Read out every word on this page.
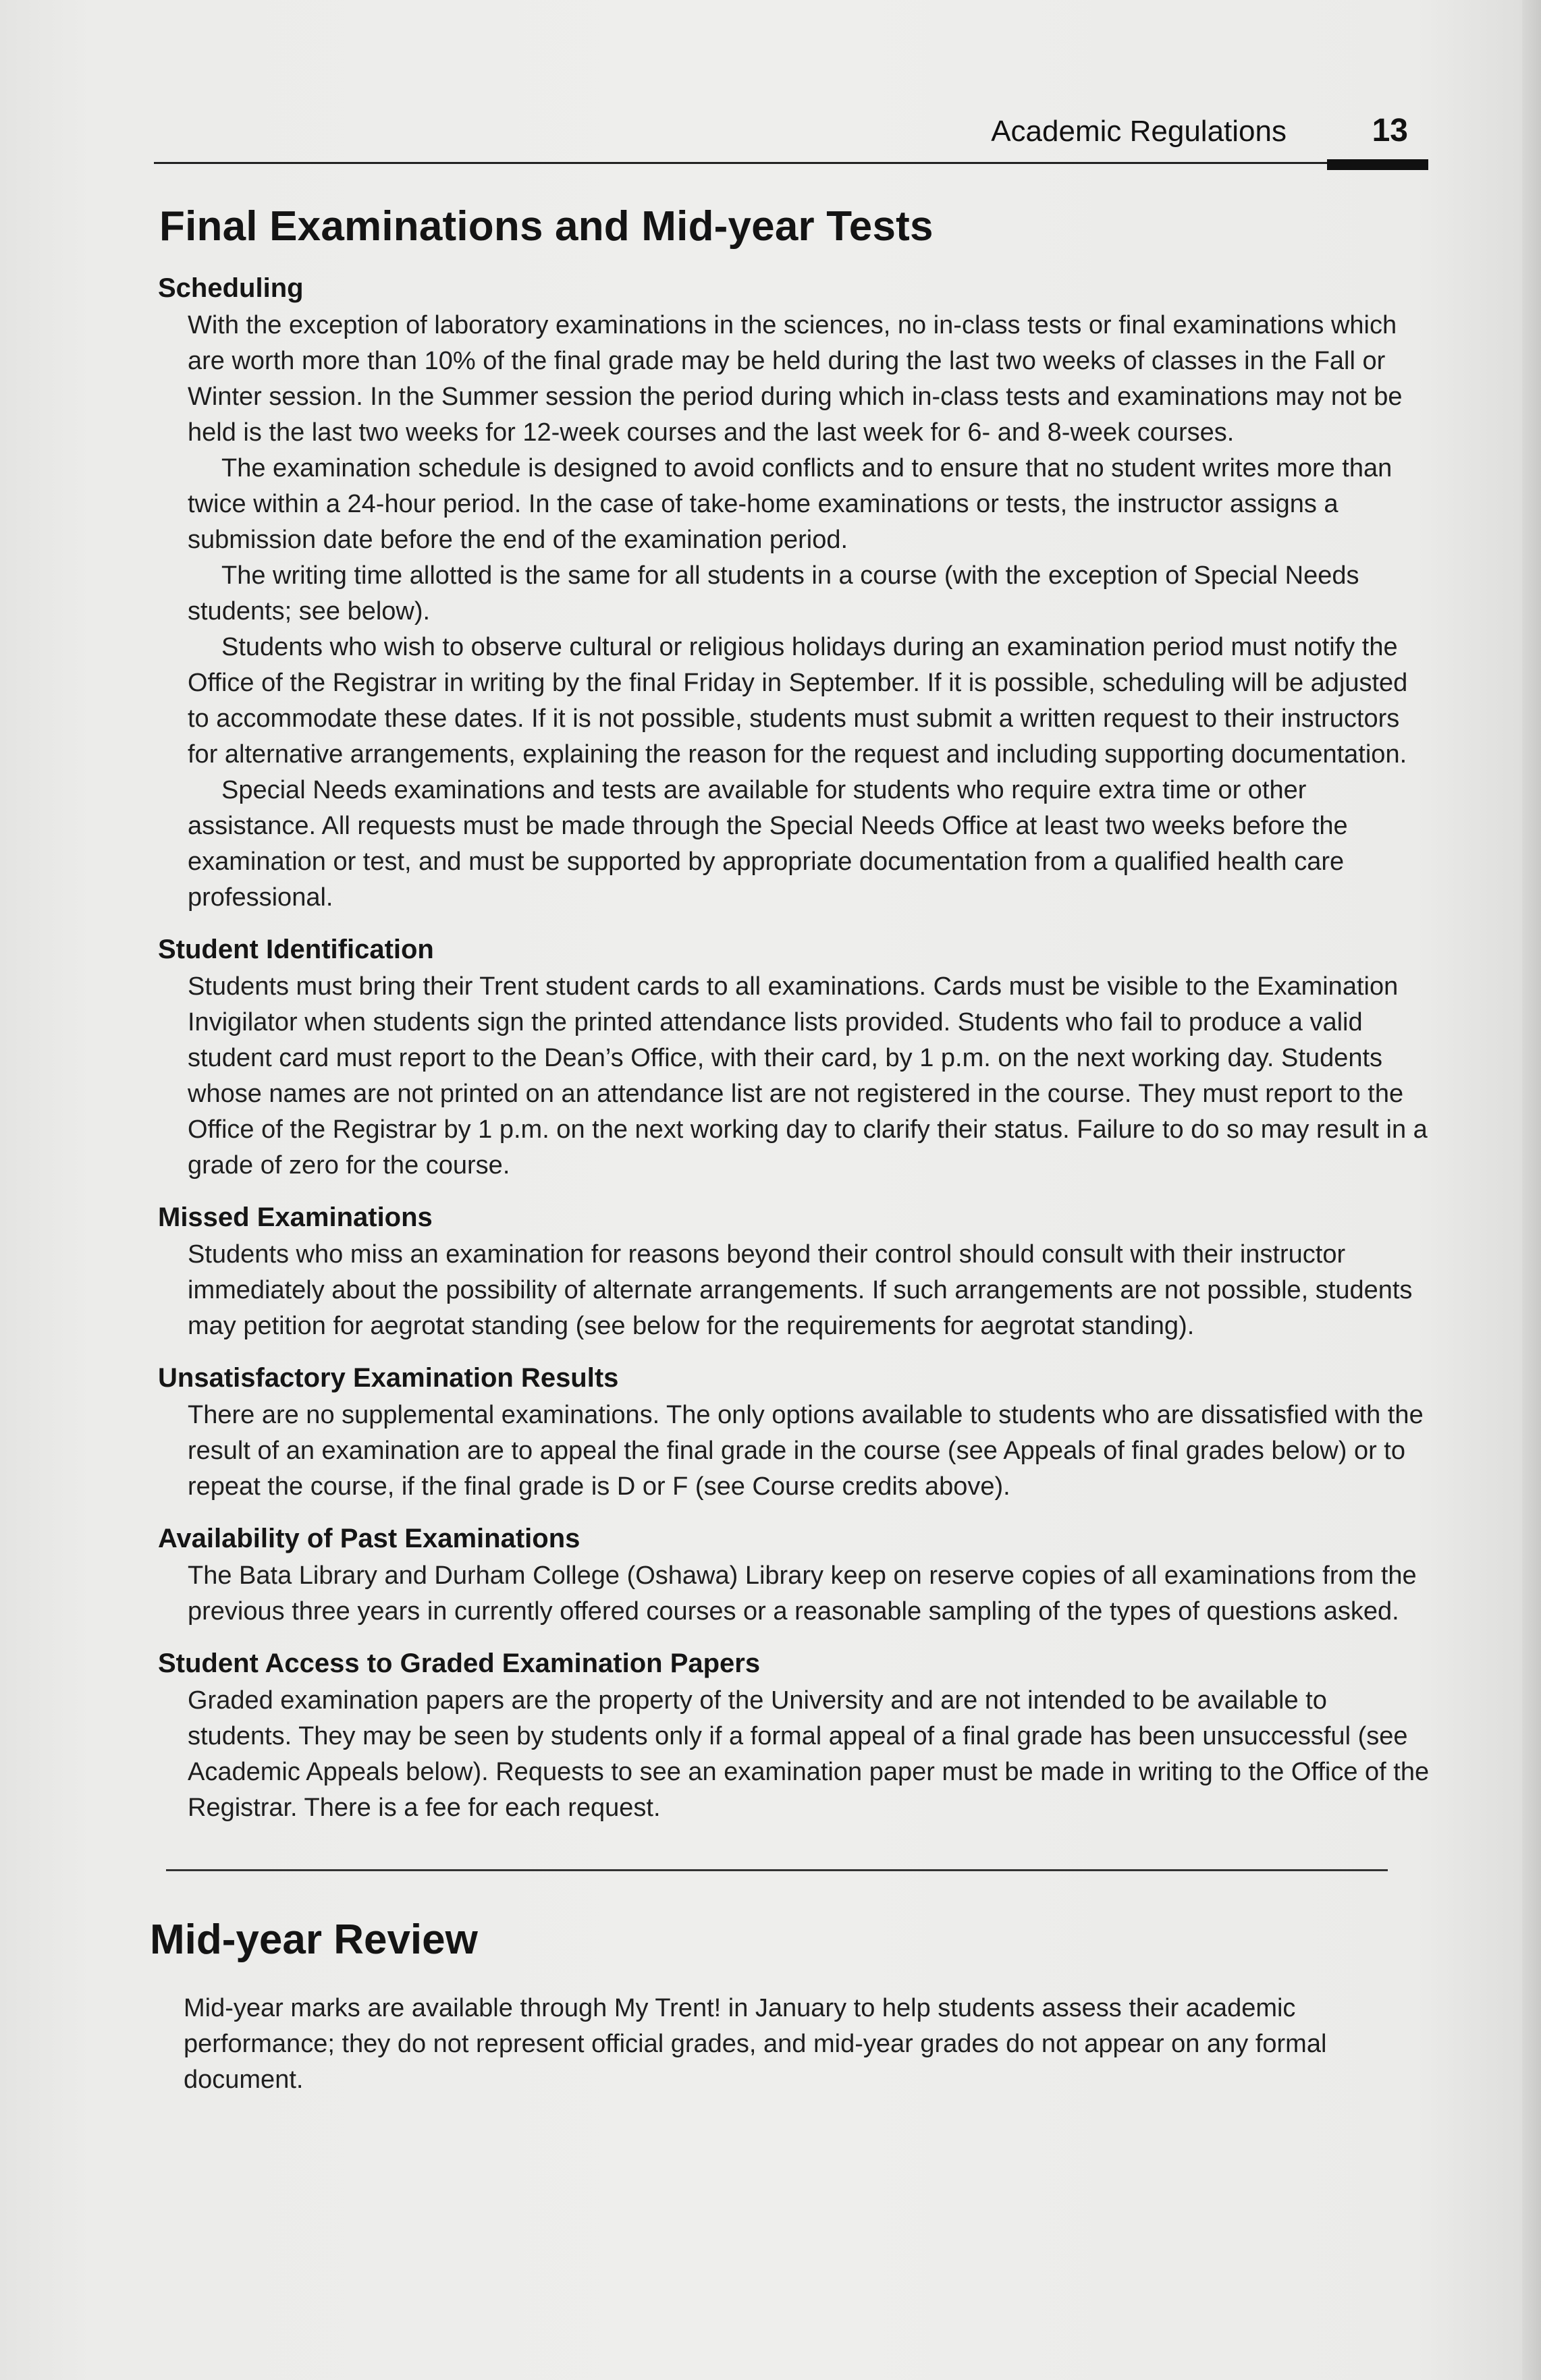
Academic Regulations	13
Final Examinations and Mid-year Tests
Scheduling

With the exception of laboratory examinations in the sciences, no in-class tests or final examinations which are worth more than 10% of the final grade may be held during the last two weeks of classes in the Fall or Winter session. In the Summer session the period during which in-class tests and examinations may not be held is the last two weeks for 12-week courses and the last week for 6- and 8-week courses.

The examination schedule is designed to avoid conflicts and to ensure that no student writes more than twice within a 24-hour period. In the case of take-home examinations or tests, the instructor assigns a submission date before the end of the examination period.

The writing time allotted is the same for all students in a course (with the exception of Special Needs students; see below).

Students who wish to observe cultural or religious holidays during an examination period must notify the Office of the Registrar in writing by the final Friday in September. If it is possible, scheduling will be adjusted to accommodate these dates. If it is not possible, students must submit a written request to their instructors for alternative arrangements, explaining the reason for the request and including supporting documentation.

Special Needs examinations and tests are available for students who require extra time or other assistance. All requests must be made through the Special Needs Office at least two weeks before the examination or test, and must be supported by appropriate documentation from a qualified health care professional.

Student Identification

Students must bring their Trent student cards to all examinations. Cards must be visible to the Examination Invigilator when students sign the printed attendance lists provided. Students who fail to produce a valid student card must report to the Dean’s Office, with their card, by 1 p.m. on the next working day. Students whose names are not printed on an attendance list are not registered in the course. They must report to the Office of the Registrar by 1 p.m. on the next working day to clarify their status. Failure to do so may result in a grade of zero for the course.

Missed Examinations

Students who miss an examination for reasons beyond their control should consult with their instructor immediately about the possibility of alternate arrangements. If such arrangements are not possible, students may petition for aegrotat standing (see below for the requirements for aegrotat standing).

Unsatisfactory Examination Results

There are no supplemental examinations. The only options available to students who are dissatisfied with the result of an examination are to appeal the final grade in the course (see Appeals of final grades below) or to repeat the course, if the final grade is D or F (see Course credits above).

Availability of Past Examinations

The Bata Library and Durham College (Oshawa) Library keep on reserve copies of all examinations from the previous three years in currently offered courses or a reasonable sampling of the types of questions asked.

Student Access to Graded Examination Papers

Graded examination papers are the property of the University and are not intended to be available to students. They may be seen by students only if a formal appeal of a final grade has been unsuccessful (see Academic Appeals below). Requests to see an examination paper must be made in writing to the Office of the Registrar. There is a fee for each request.

Mid-year Review

Mid-year marks are available through My Trent! in January to help students assess their academic performance; they do not represent official grades, and mid-year grades do not appear on any formal document.
